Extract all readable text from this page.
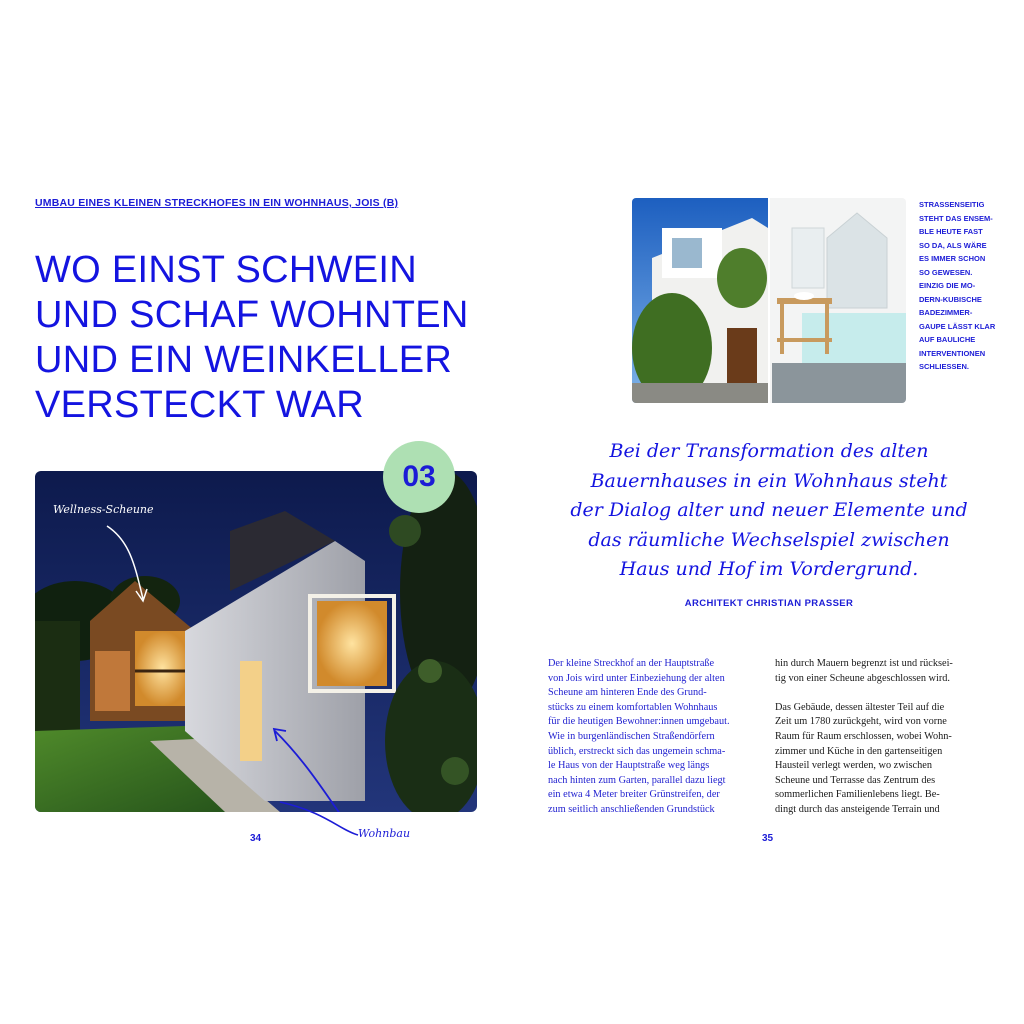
UMBAU EINES KLEINEN STRECKHOFES IN EIN WOHNHAUS, JOIS (B)
WO EINST SCHWEIN
UND SCHAF WOHNTEN
UND EIN WEINKELLER
VERSTECKT WAR
03
Wellness-Scheune
Wohnbau
34
STRASSENSEITIG
STEHT DAS ENSEM-
BLE HEUTE FAST
SO DA, ALS WÄRE
ES IMMER SCHON
SO GEWESEN.
EINZIG DIE MO-
DERN-KUBISCHE
BADEZIMMER-
GAUPE LÄSST KLAR
AUF BAULICHE
INTERVENTIONEN
SCHLIESSEN.
Bei der Transformation des alten
Bauernhauses in ein Wohnhaus steht
der Dialog alter und neuer Elemente und
das räumliche Wechselspiel zwischen
Haus und Hof im Vordergrund.
ARCHITEKT CHRISTIAN PRASSER
Der kleine Streckhof an der Hauptstraße
von Jois wird unter Einbeziehung der alten
Scheune am hinteren Ende des Grund-
stücks zu einem komfortablen Wohnhaus
für die heutigen Bewohner:innen umgebaut.
Wie in burgenländischen Straßendörfern
üblich, erstreckt sich das ungemein schma-
le Haus von der Hauptstraße weg längs
nach hinten zum Garten, parallel dazu liegt
ein etwa 4 Meter breiter Grünstreifen, der
zum seitlich anschließenden Grundstück
hin durch Mauern begrenzt ist und rücksei-
tig von einer Scheune abgeschlossen wird.
Das Gebäude, dessen ältester Teil auf die
Zeit um 1780 zurückgeht, wird von vorne
Raum für Raum erschlossen, wobei Wohn-
zimmer und Küche in den gartenseitigen
Hausteil verlegt werden, wo zwischen
Scheune und Terrasse das Zentrum des
sommerlichen Familienlebens liegt. Be-
dingt durch das ansteigende Terrain und
35
